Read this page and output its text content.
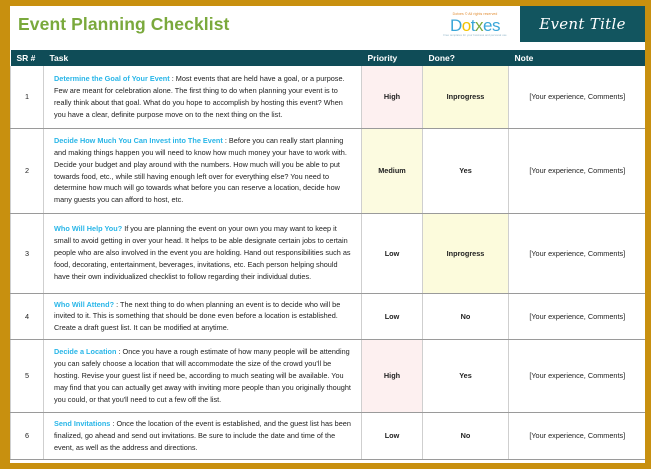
Event Planning Checklist	Dotxes © All rights reserved
D o t x e s
Free templates for your business and personal use
Event Title
SR #	Task	Priority	Done?	Note
1	Determine the Goal of Your Event : Most events that are held have a goal, or a purpose. Few are meant for celebration alone. The first thing to do when planning your event is to really think about that goal. What do you hope to accomplish by hosting this event? When you have a clear, definite purpose move on to the next thing on the list.	High	Inprogress	[Your experience, Comments]
2	Decide How Much You Can Invest into The Event : Before you can really start planning and making things happen you will need to know how much money your have to work with. Decide your budget and play around with the numbers. How much will you be able to put towards food, etc., while still having enough left over for everything else? You need to determine how much will go towards what before you can reserve a location, decide how many guests you can afford to host, etc.	Medium	Yes	[Your experience, Comments]
3	Who Will Help You? If you are planning the event on your own you may want to keep it small to avoid getting in over your head. It helps to be able designate certain jobs to certain people who are also involved in the event you are holding. Hand out responsibilities such as food, decorating, entertainment, beverages, invitations, etc. Each person helping should have their own individualized checklist to follow regarding their individual duties.	Low	Inprogress	[Your experience, Comments]
4	Who Will Attend? : The next thing to do when planning an event is to decide who will be invited to it. This is something that should be done even before a location is established. Create a draft guest list. It can be modified at anytime.	Low	No	[Your experience, Comments]
5	Decide a Location : Once you have a rough estimate of how many people will be attending you can safely choose a location that will accommodate the size of the crowd you'll be hosting. Revise your guest list if need be, according to much seating will be available. You may find that you can actually get away with inviting more people than you originally thought you could, or that you'll need to cut a few off the list.	High	Yes	[Your experience, Comments]
6	Send Invitations : Once the location of the event is established, and the guest list has been finalized, go ahead and send out invitations. Be sure to include the date and time of the event, as well as the address and directions.	Low	No	[Your experience, Comments]
